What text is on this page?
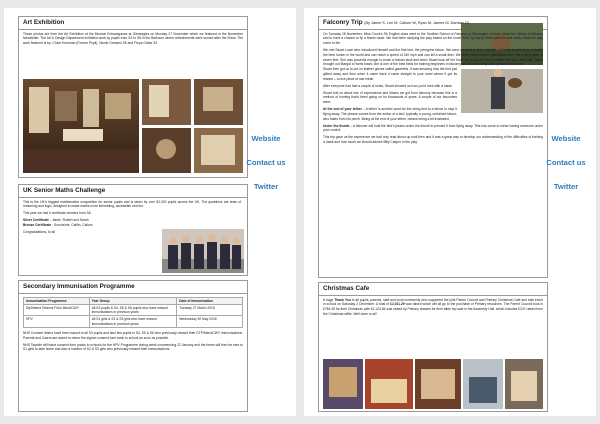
Art Exhibition

These photos are from the Art Exhibition at the Musical Extravaganza at Gleneagles on Monday 27 November which we featured in the November Newsletter. The Art & Design Department exhibited work by pupils from S3 to S6 in the Ballroom where refreshments were served after the Show. The work featured is by: Chloe Horsman (Former Pupil), Nicole Greaves S5 and Freya Oates S3

UK Senior Maths Challenge

This is the UK's biggest mathematics competition for senior pupils and is taken by over 82,000 pupils across the UK. The questions are tests of reasoning and logic, designed to make maths more interesting, accessible and fun.

This year we had 6 certificate winners from S6.

Silver Certificate - Jamie, Robert and Sarah

Bronze Certificate : Sorcha'ele, Caitlin, Callum

Congratulations, to all

Secondary Immunisation Programme
Immunisation Programme	Year Group	Date of Immunisation
Diphtheria Tetanus Polio MenACWY	All S3 pupils & S4, S5 & S6 pupils who have missed immunisations in previous years	Tuesday 27 March 2018
HPV	All S1 girls & S2 & S3 girls who have missed immunisations in previous years	Wednesday 30 May 2018

NHS Consent letters have been issued to all S3 pupils and also few pupils in S4, S5 & S6 who previously missed their DTP/MenACWY immunisations. Parents and Carers are asked to return the signed consent form back to school as soon as possible.

NHS Tayside will issue consent form packs to schools for the HPV Programme during week commencing 22 January and the forms will then be sent to S1 girls to take home and also a number of S2 & S3 girls who previously missed their immunisations.

Website
Contact us
Twitter
Falconry Trip (By Jamie S, Lee M, Callum W, Ryan M, James M, Damian O)

On Tuesday 28 November, Miss Crook's S6 English class went to the Scottish School of Falconry at Gleneagles to learn about the history of falconry and to have a chance to fly a Harris hawk. We had been studying the play based on the novel "Kes" by Barry Hines and this visit really made the play come to life.

We met Stuart Lowe who introduced himself and the first bird, the peregrine falcon. We were amazed to learn that this relatively small bird is probably the best hunter in the world and can reach a speed of 240 mph and can kill a small deer. We were introduced to Marmalade who has a wing span of seven feet. She was powerful enough to crush a human skull and when Stuart took off her hood we could see how beautiful she was. After that, Stuart brought out Margot a Harris hawk; she is one of the best birds for training beginners in falconry as she was really calm, passive and tame.

Stuart then got us to put on leather gloves called gauntlets. It was amazing how the bird just glided away and then when it came back it came straight to your hand where it got its reward – a nice piece of raw meat!

After everyone had had a couple of shots, Stuart showed us how you'd hunt with a hawk.

Stuart told us about lots of expressions and idioms we got from falconry because this is a method of hunting that's been going on for thousands of years. A couple of our favourites were:

At the end of your tether – A tether is another word for the string tied to a falcon to stop it flying away. The phrase comes from the action of a bird, typically a young, untrained falcon, who bates from his perch. Being at the end of your tether, means being a bit frustrated.

Under the thumb – A falconer will hold the bird's jesses under the thumb to prevent it from flying away. This has come to mean having someone under your control.

This trip gave us the experience we had only read about up until then and it was a great way to develop our understanding of the difficulties of training a hawk and how much we should admire Billy Casper in the play.

Christmas Cafe

A huge Thank You to all pupils, parents, staff and local community who supported the joint Parent Council and Primary Christmas Cafe and sale event in school on Saturday 2 December. A total of £2,011.29 was raised which will all go to the purchase of Primary resources. The Parent Council took in £784.45 for their Christmas cafe £2,124.84 was raised by Primary classes for their table top sale in the Assembly Hall, which includes £247 raised from the Christmas raffle. Well done to all!

Website
Contact us
Twitter
